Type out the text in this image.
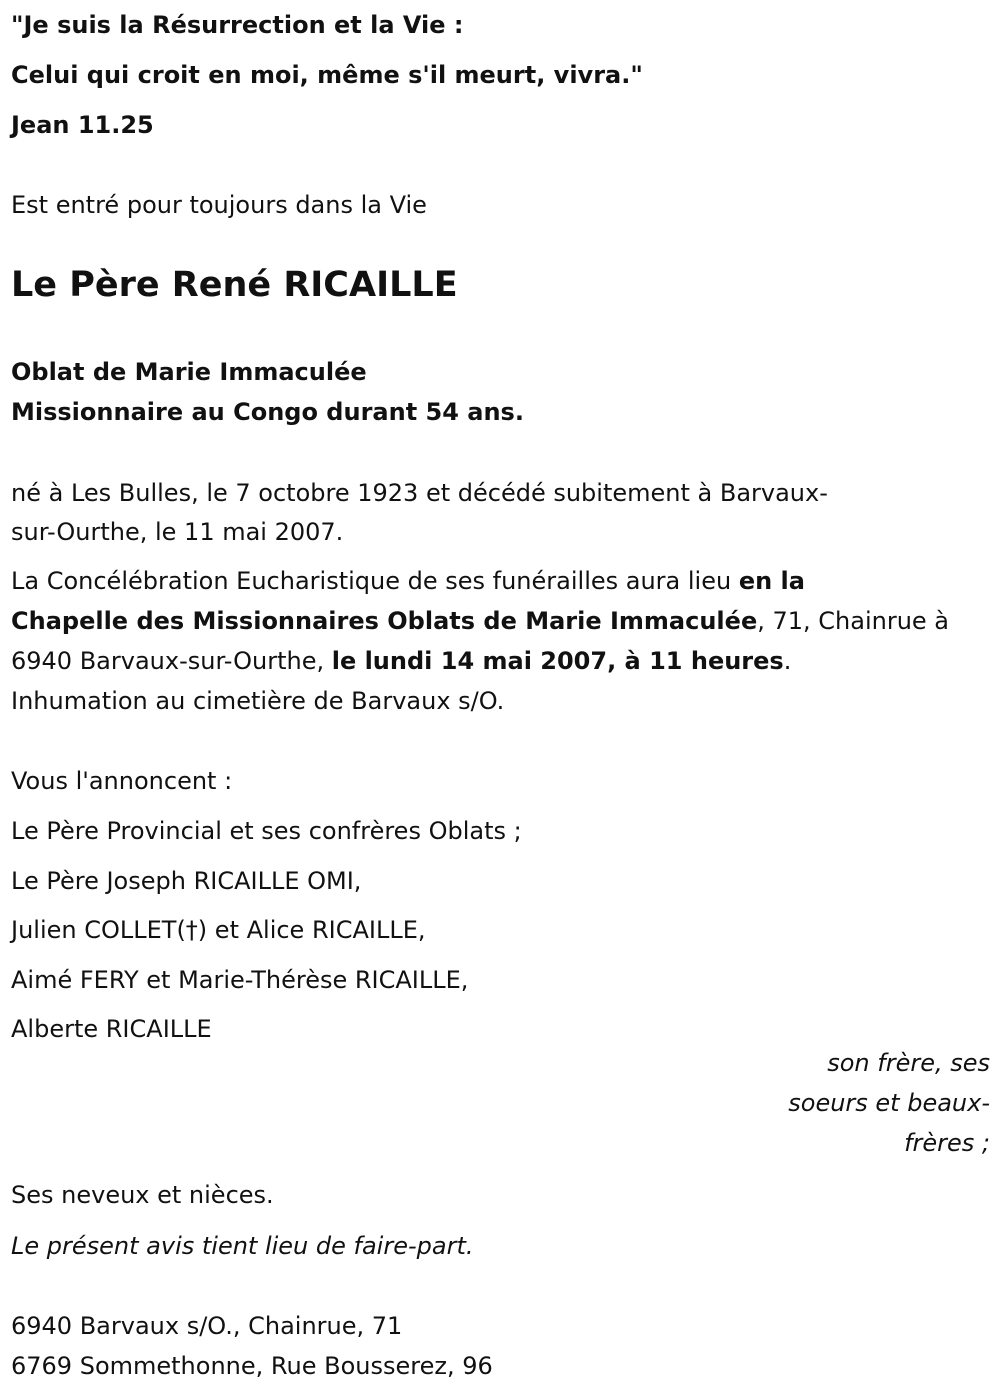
"Je suis la Résurrection et la Vie :
Celui qui croit en moi, même s'il meurt, vivra."
Jean 11.25
Est entré pour toujours dans la Vie
Le Père René RICAILLE
Oblat de Marie Immaculée
Missionnaire au Congo durant 54 ans.
né à Les Bulles, le 7 octobre 1923 et décédé subitement à Barvaux-
sur-Ourthe, le 11 mai 2007.
La Concélébration Eucharistique de ses funérailles aura lieu en la
Chapelle des Missionnaires Oblats de Marie Immaculée, 71, Chainrue à
6940 Barvaux-sur-Ourthe, le lundi 14 mai 2007, à 11 heures.
Inhumation au cimetière de Barvaux s/O.
Vous l'annoncent :
Le Père Provincial et ses confrères Oblats ;
Le Père Joseph RICAILLE OMI,
Julien COLLET(†) et Alice RICAILLE,
Aimé FERY et Marie-Thérèse RICAILLE,
Alberte RICAILLE
son frère, ses
soeurs et beaux-
frères ;
Ses neveux et nièces.
Le présent avis tient lieu de faire-part.
6940 Barvaux s/O., Chainrue, 71
6769 Sommethonne, Rue Bousserez, 96
